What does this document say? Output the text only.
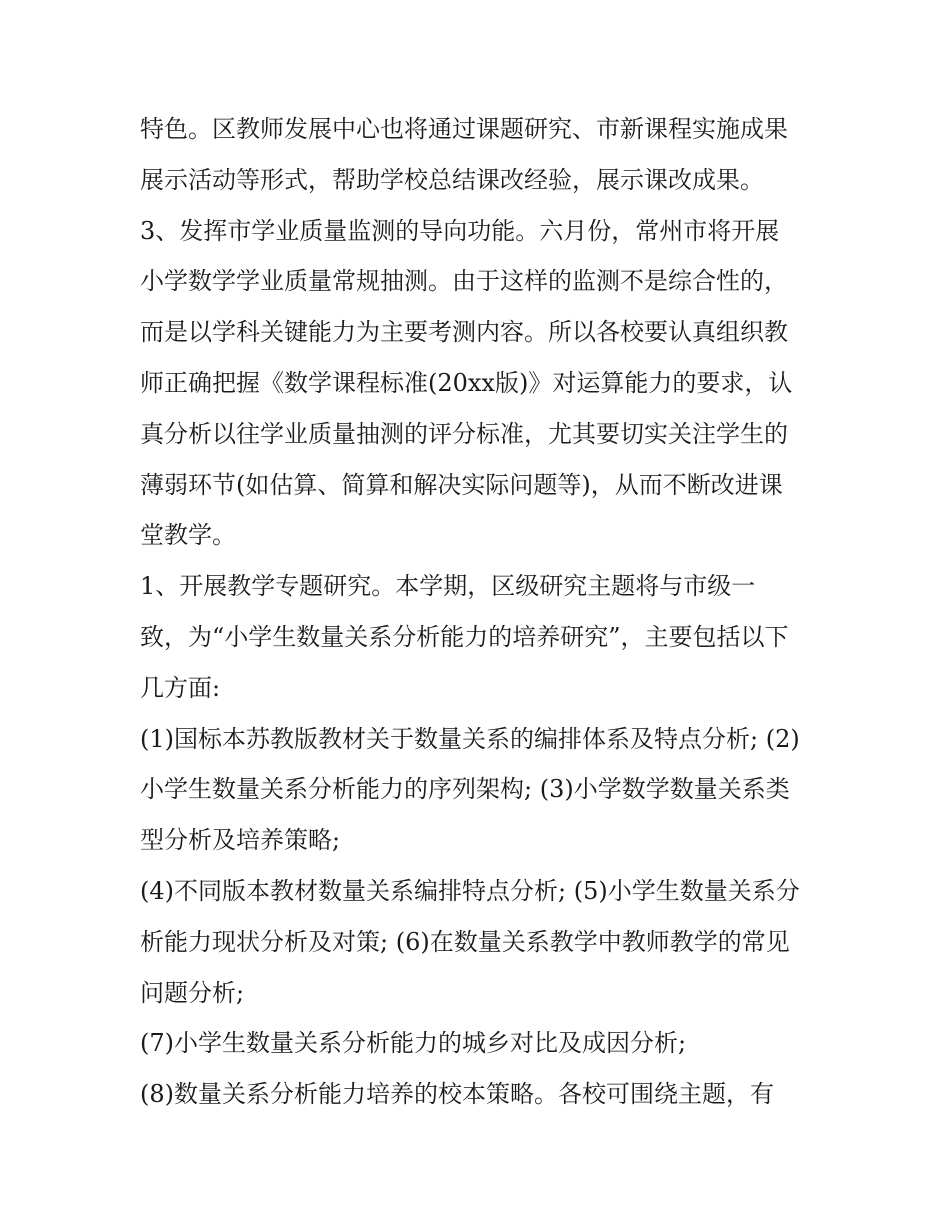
特色。区教师发展中心也将通过课题研究、市新课程实施成果
展示活动等形式，帮助学校总结课改经验，展示课改成果。
3、发挥市学业质量监测的导向功能。六月份，常州市将开展
小学数学学业质量常规抽测。由于这样的监测不是综合性的，
而是以学科关键能力为主要考测内容。所以各校要认真组织教
师正确把握《数学课程标准(20xx版)》对运算能力的要求，认
真分析以往学业质量抽测的评分标准，尤其要切实关注学生的
薄弱环节(如估算、简算和解决实际问题等)，从而不断改进课
堂教学。
1、开展教学专题研究。本学期，区级研究主题将与市级一
致，为“小学生数量关系分析能力的培养研究”，主要包括以下
几方面:
(1)国标本苏教版教材关于数量关系的编排体系及特点分析; (2)
小学生数量关系分析能力的序列架构; (3)小学数学数量关系类
型分析及培养策略;
(4)不同版本教材数量关系编排特点分析; (5)小学生数量关系分
析能力现状分析及对策; (6)在数量关系教学中教师教学的常见
问题分析;
(7)小学生数量关系分析能力的城乡对比及成因分析;
(8)数量关系分析能力培养的校本策略。各校可围绕主题，有
